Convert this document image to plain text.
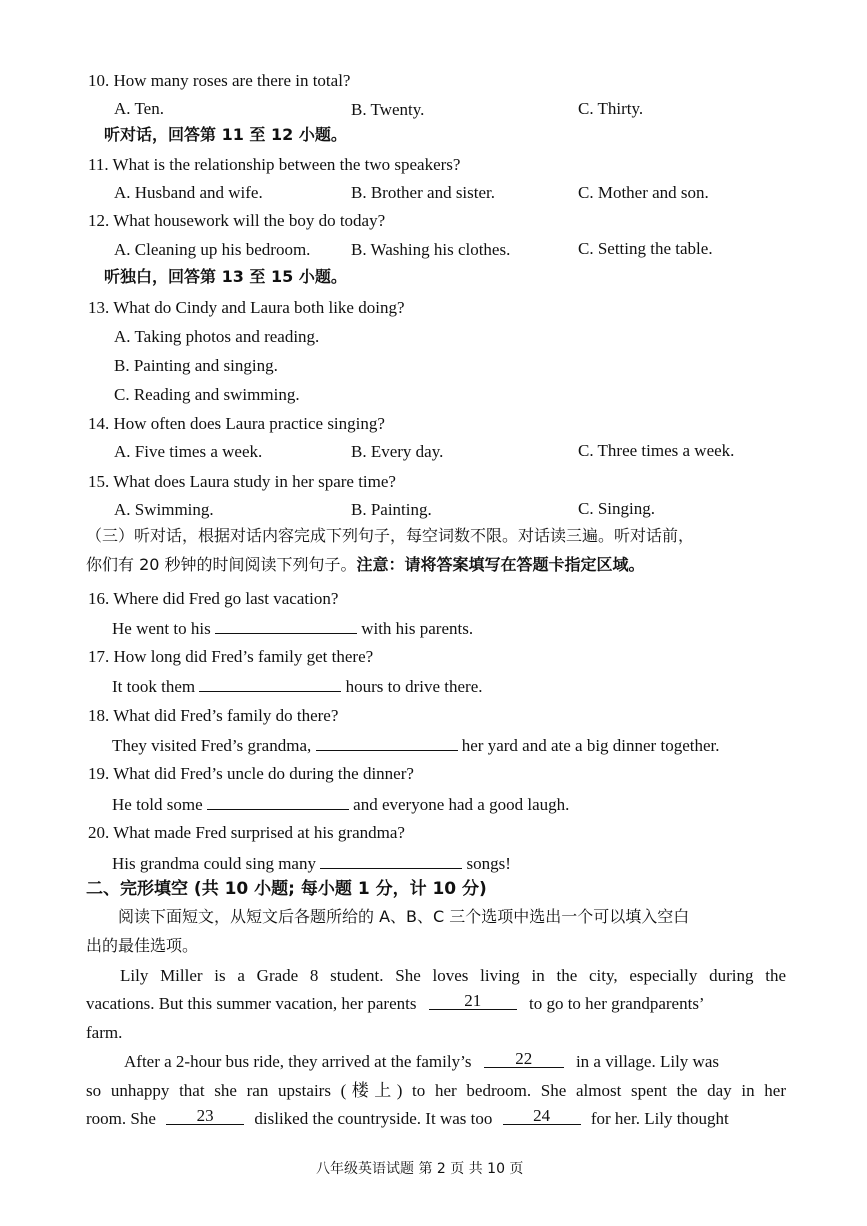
10. How many roses are there in total?
A. Ten.	B. Twenty.	C. Thirty.
听对话，回答第 11 至 12 小题。
11. What is the relationship between the two speakers?
A. Husband and wife.	B. Brother and sister.	C. Mother and son.
12. What housework will the boy do today?
A. Cleaning up his bedroom. B. Washing his clothes.	C. Setting the table.
听独白，回答第 13 至 15 小题。
13. What do Cindy and Laura both like doing?
A. Taking photos and reading.
B. Painting and singing.
C. Reading and swimming.
14. How often does Laura practice singing?
A. Five times a week.	B. Every day.	C. Three times a week.
15. What does Laura study in her spare time?
A. Swimming.	B. Painting.	C. Singing.
（三）听对话，根据对话内容完成下列句子，每空词数不限。对话读三遍。听对话前，
你们有 20 秒钟的时间阅读下列句子。注意：请将答案填写在答题卡指定区域。
16. Where did Fred go last vacation?
He went to his	with his parents.
17. How long did Fred’s family get there?
It took them	hours to drive there.
18. What did Fred’s family do there?
They visited Fred’s grandma,	her yard and ate a big dinner together.
19. What did Fred’s uncle do during the dinner?
He told some	and everyone had a good laugh.
20. What made Fred surprised at his grandma?
His grandma could sing many	songs!
二、完形填空 (共 10 小题; 每小题 1 分，计 10 分)
阅读下面短文，从短文后各题所给的 A、B、C 三个选项中选出一个可以填入空白
出的最佳选项。
Lily Miller is a Grade 8 student. She loves living in the city, especially during the
vacations. But this summer vacation, her parents	21	to go to her grandparents’
farm.
After a 2-hour bus ride, they arrived at the family’s	22	in a village. Lily was
so unhappy that she ran upstairs (楼上) to her bedroom. She almost spent the day in her
room. She 23 disliked the countryside. It was too 24 for her. Lily thought
八年级英语试题 第 2 页 共 10 页
